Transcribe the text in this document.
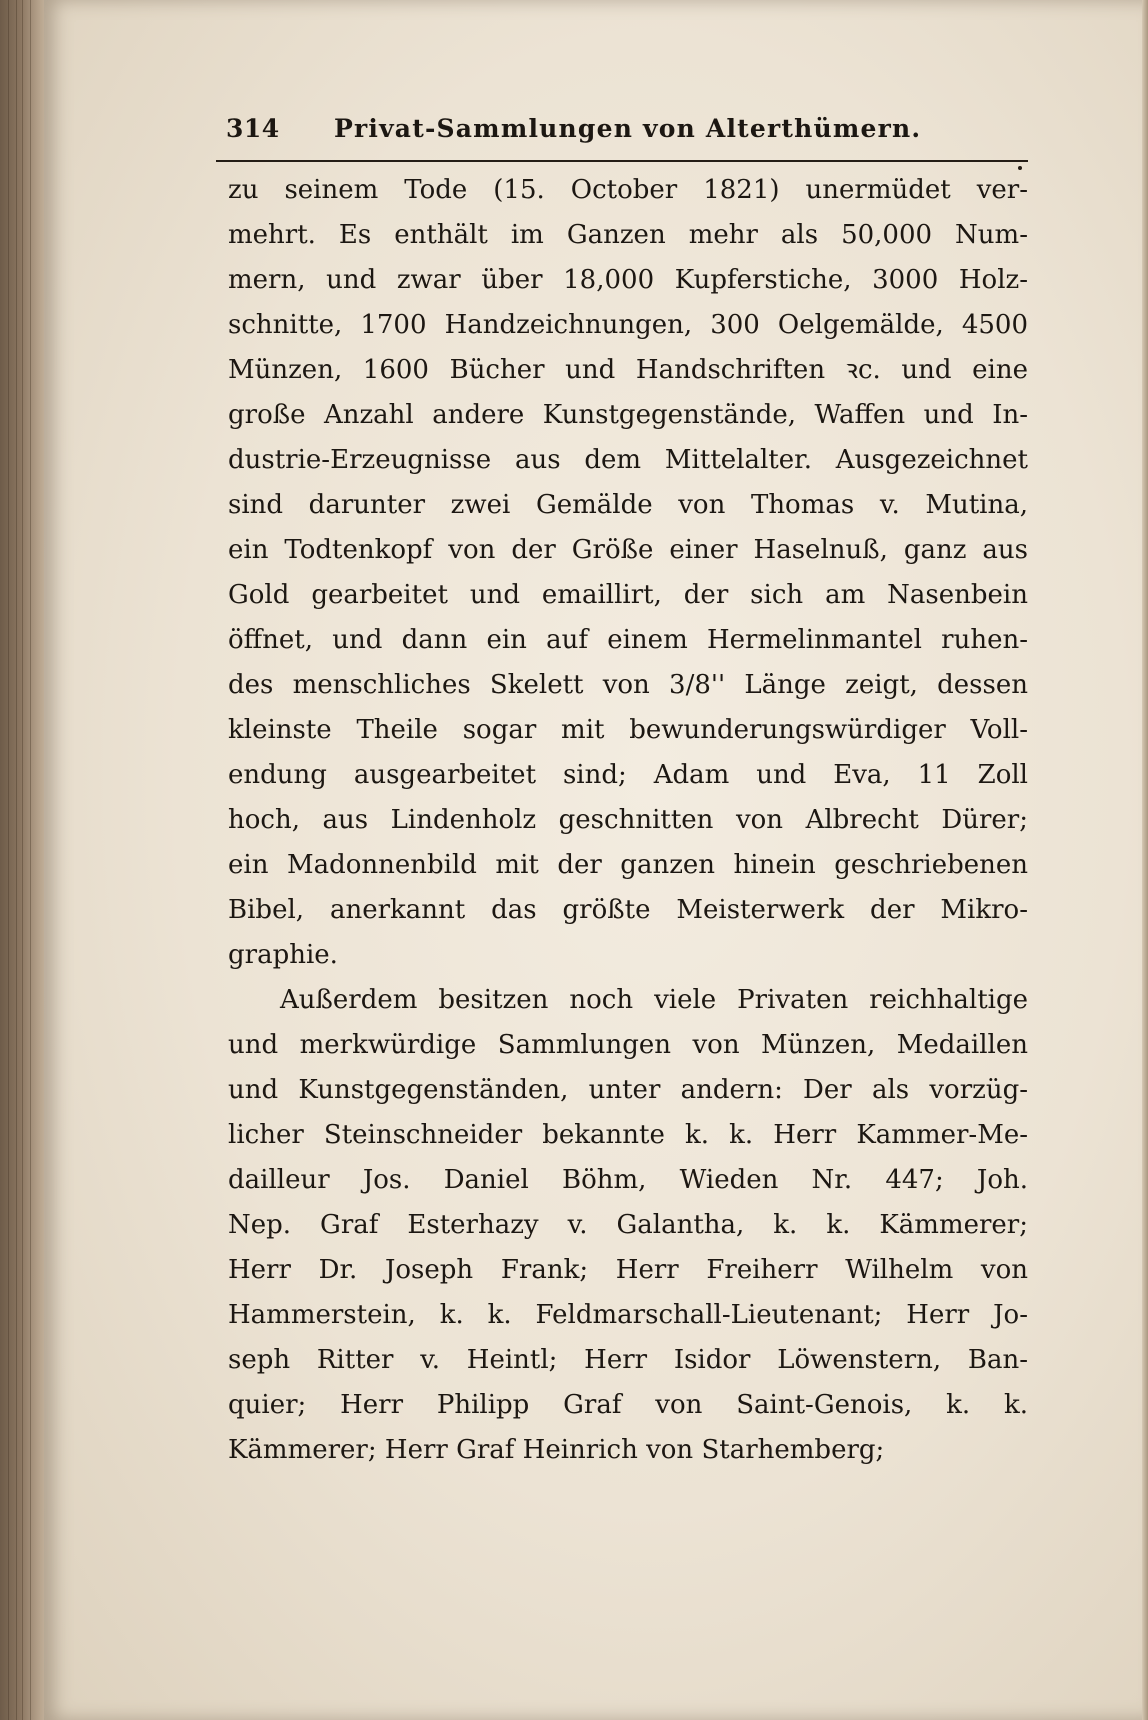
314 Privat-Sammlungen von Alterthümern.
zu seinem Tode (15. October 1821) unermüdet ver-
mehrt. Es enthält im Ganzen mehr als 50,000 Num-
mern, und zwar über 18,000 Kupferstiche, 3000 Holz-
schnitte, 1700 Handzeichnungen, 300 Oelgemälde, 4500
Münzen, 1600 Bücher und Handschriften ꝛc. und eine
große Anzahl andere Kunstgegenstände, Waffen und In-
dustrie-Erzeugnisse aus dem Mittelalter. Ausgezeichnet
sind darunter zwei Gemälde von Thomas v. Mutina,
ein Todtenkopf von der Größe einer Haselnuß, ganz aus
Gold gearbeitet und emaillirt, der sich am Nasenbein
öffnet, und dann ein auf einem Hermelinmantel ruhen-
des menschliches Skelett von 3/8'' Länge zeigt, dessen
kleinste Theile sogar mit bewunderungswürdiger Voll-
endung ausgearbeitet sind; Adam und Eva, 11 Zoll
hoch, aus Lindenholz geschnitten von Albrecht Dürer;
ein Madonnenbild mit der ganzen hinein geschriebenen
Bibel, anerkannt das größte Meisterwerk der Mikro-
graphie.
Außerdem besitzen noch viele Privaten reichhaltige
und merkwürdige Sammlungen von Münzen, Medaillen
und Kunstgegenständen, unter andern: Der als vorzüg-
licher Steinschneider bekannte k. k. Herr Kammer-Me-
dailleur Jos. Daniel Böhm, Wieden Nr. 447; Joh.
Nep. Graf Esterhazy v. Galantha, k. k. Kämmerer;
Herr Dr. Joseph Frank; Herr Freiherr Wilhelm von
Hammerstein, k. k. Feldmarschall-Lieutenant; Herr Jo-
seph Ritter v. Heintl; Herr Isidor Löwenstern, Ban-
quier; Herr Philipp Graf von Saint-Genois, k. k.
Kämmerer; Herr Graf Heinrich von Starhemberg;
